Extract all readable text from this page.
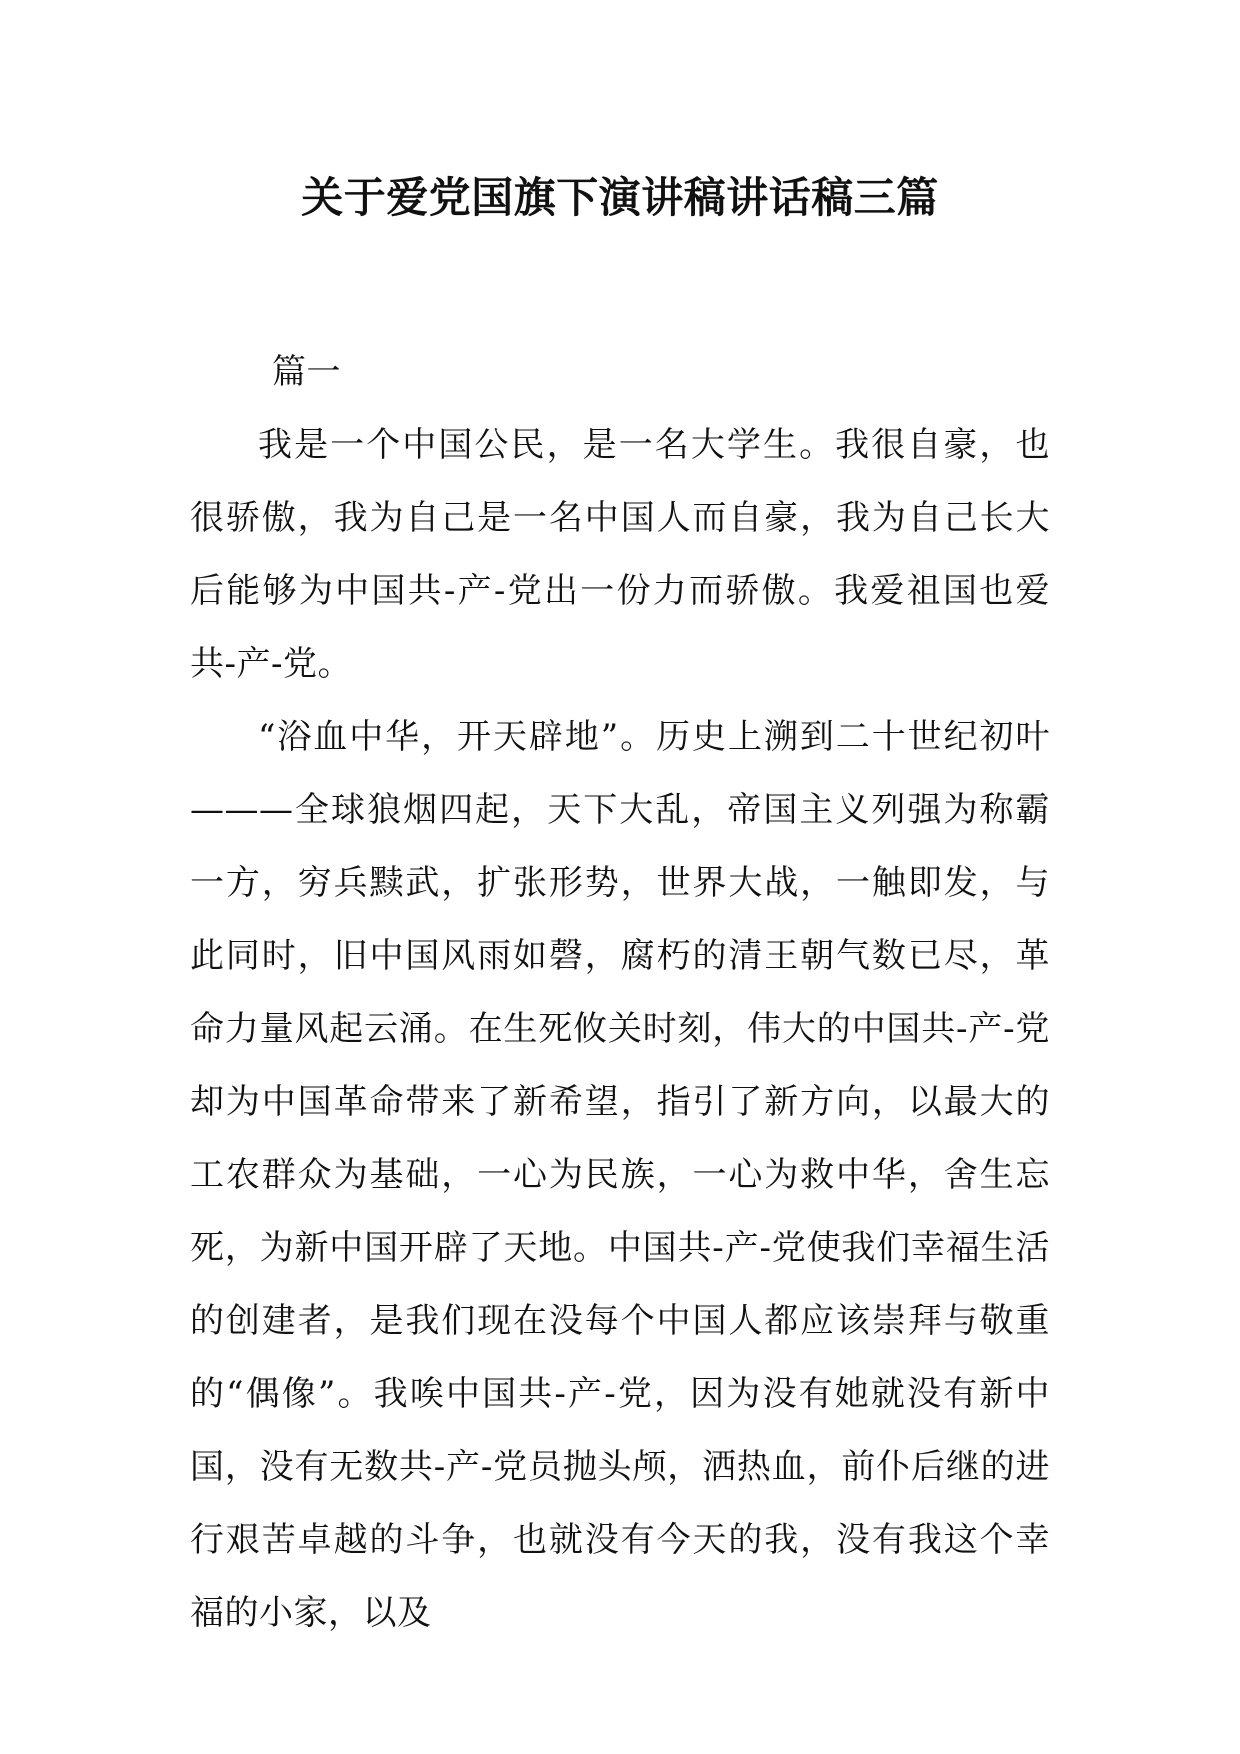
关于爱党国旗下演讲稿讲话稿三篇

篇一

我是一个中国公民，是一名大学生。我很自豪，也很骄傲，我为自己是一名中国人而自豪，我为自己长大后能够为中国共-产-党出一份力而骄傲。我爱祖国也爱共-产-党。

“浴血中华，开天辟地”。历史上溯到二十世纪初叶———全球狼烟四起，天下大乱，帝国主义列强为称霸一方，穷兵黩武，扩张形势，世界大战，一触即发，与此同时，旧中国风雨如磬，腐朽的清王朝气数已尽，革命力量风起云涌。在生死攸关时刻，伟大的中国共-产-党却为中国革命带来了新希望，指引了新方向，以最大的工农群众为基础，一心为民族，一心为救中华，舍生忘死，为新中国开辟了天地。中国共-产-党使我们幸福生活的创建者，是我们现在没每个中国人都应该崇拜与敬重的“偶像”。我唉中国共-产-党，因为没有她就没有新中国，没有无数共-产-党员抛头颅，洒热血，前仆后继的进行艰苦卓越的斗争，也就没有今天的我，没有我这个幸福的小家，以及
